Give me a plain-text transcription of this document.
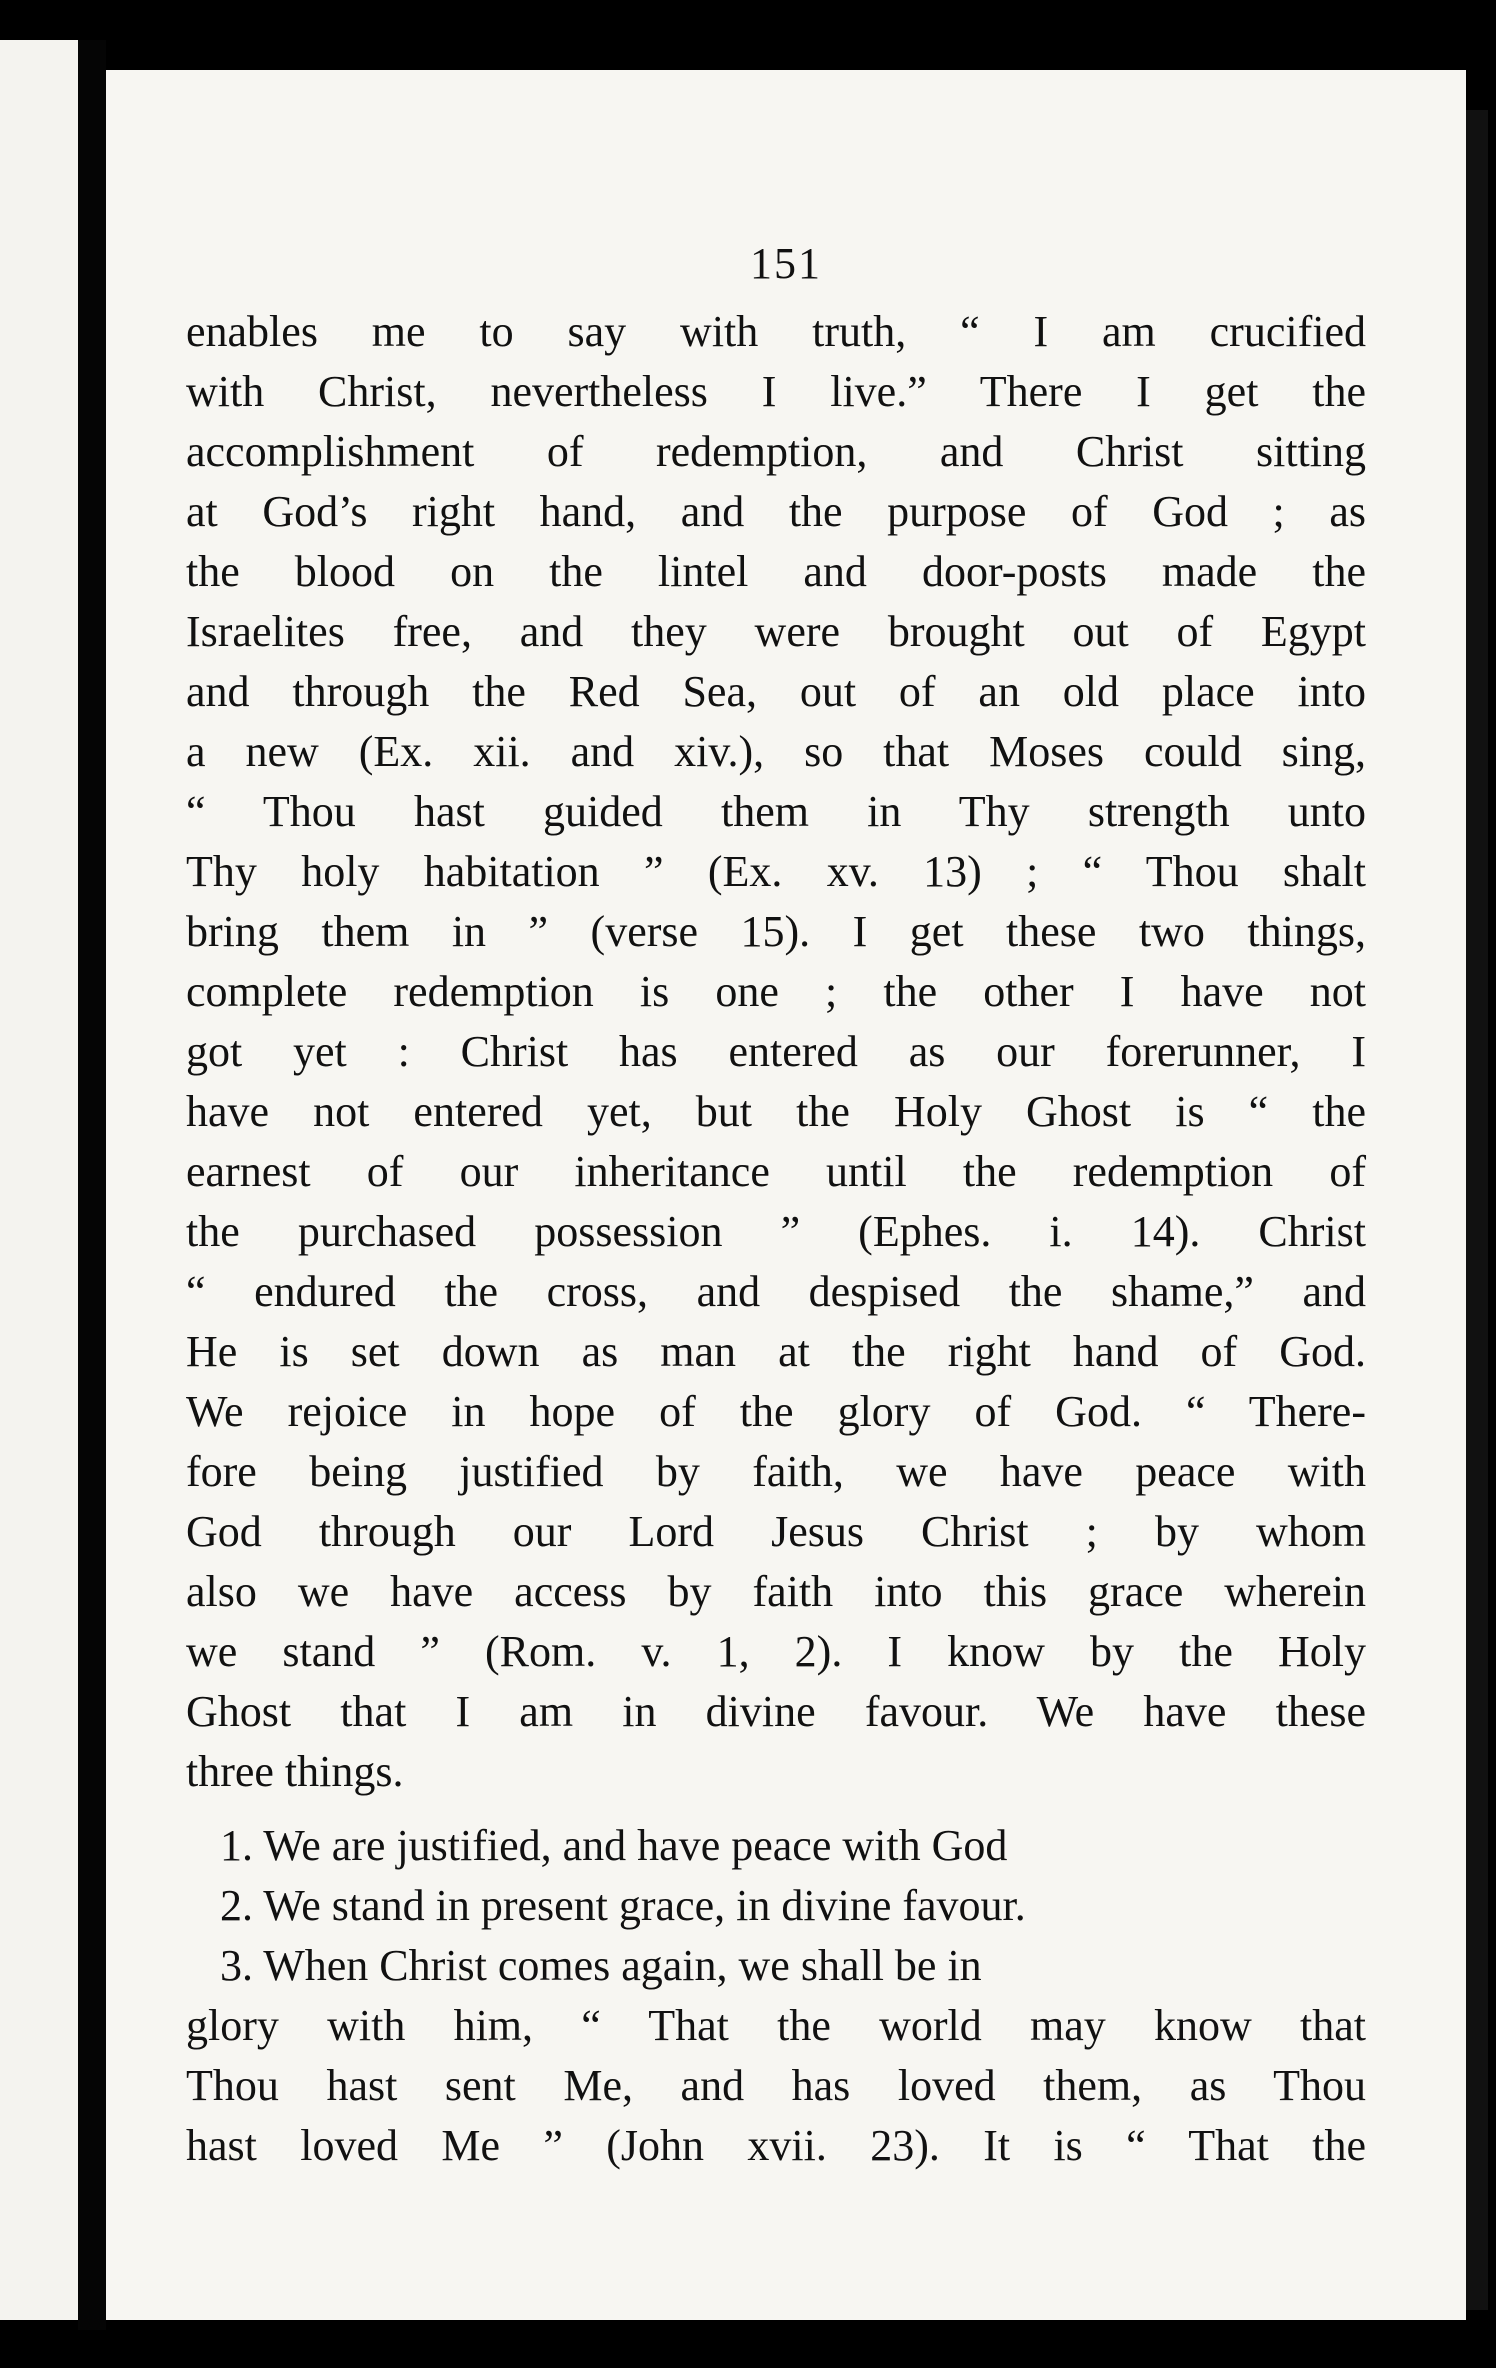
151
enables me to say with truth, “ I am crucified
with Christ, nevertheless I live.” There I get the
accomplishment of redemption, and Christ sitting
at God’s right hand, and the purpose of God ; as
the blood on the lintel and door-posts made the
Israelites free, and they were brought out of Egypt
and through the Red Sea, out of an old place into
a new (Ex. xii. and xiv.), so that Moses could sing,
“ Thou hast guided them in Thy strength unto
Thy holy habitation ” (Ex. xv. 13) ; “ Thou shalt
bring them in ” (verse 15). I get these two things,
complete redemption is one ; the other I have not
got yet : Christ has entered as our forerunner, I
have not entered yet, but the Holy Ghost is “ the
earnest of our inheritance until the redemption of
the purchased possession ” (Ephes. i. 14). Christ
“ endured the cross, and despised the shame,” and
He is set down as man at the right hand of God.
We rejoice in hope of the glory of God. “ There-
fore being justified by faith, we have peace with
God through our Lord Jesus Christ ; by whom
also we have access by faith into this grace wherein
we stand ” (Rom. v. 1, 2). I know by the Holy
Ghost that I am in divine favour. We have these
three things.
1. We are justified, and have peace with God
2. We stand in present grace, in divine favour.
3. When Christ comes again, we shall be in
glory with him, “ That the world may know that
Thou hast sent Me, and has loved them, as Thou
hast loved Me ” (John xvii. 23). It is “ That the
